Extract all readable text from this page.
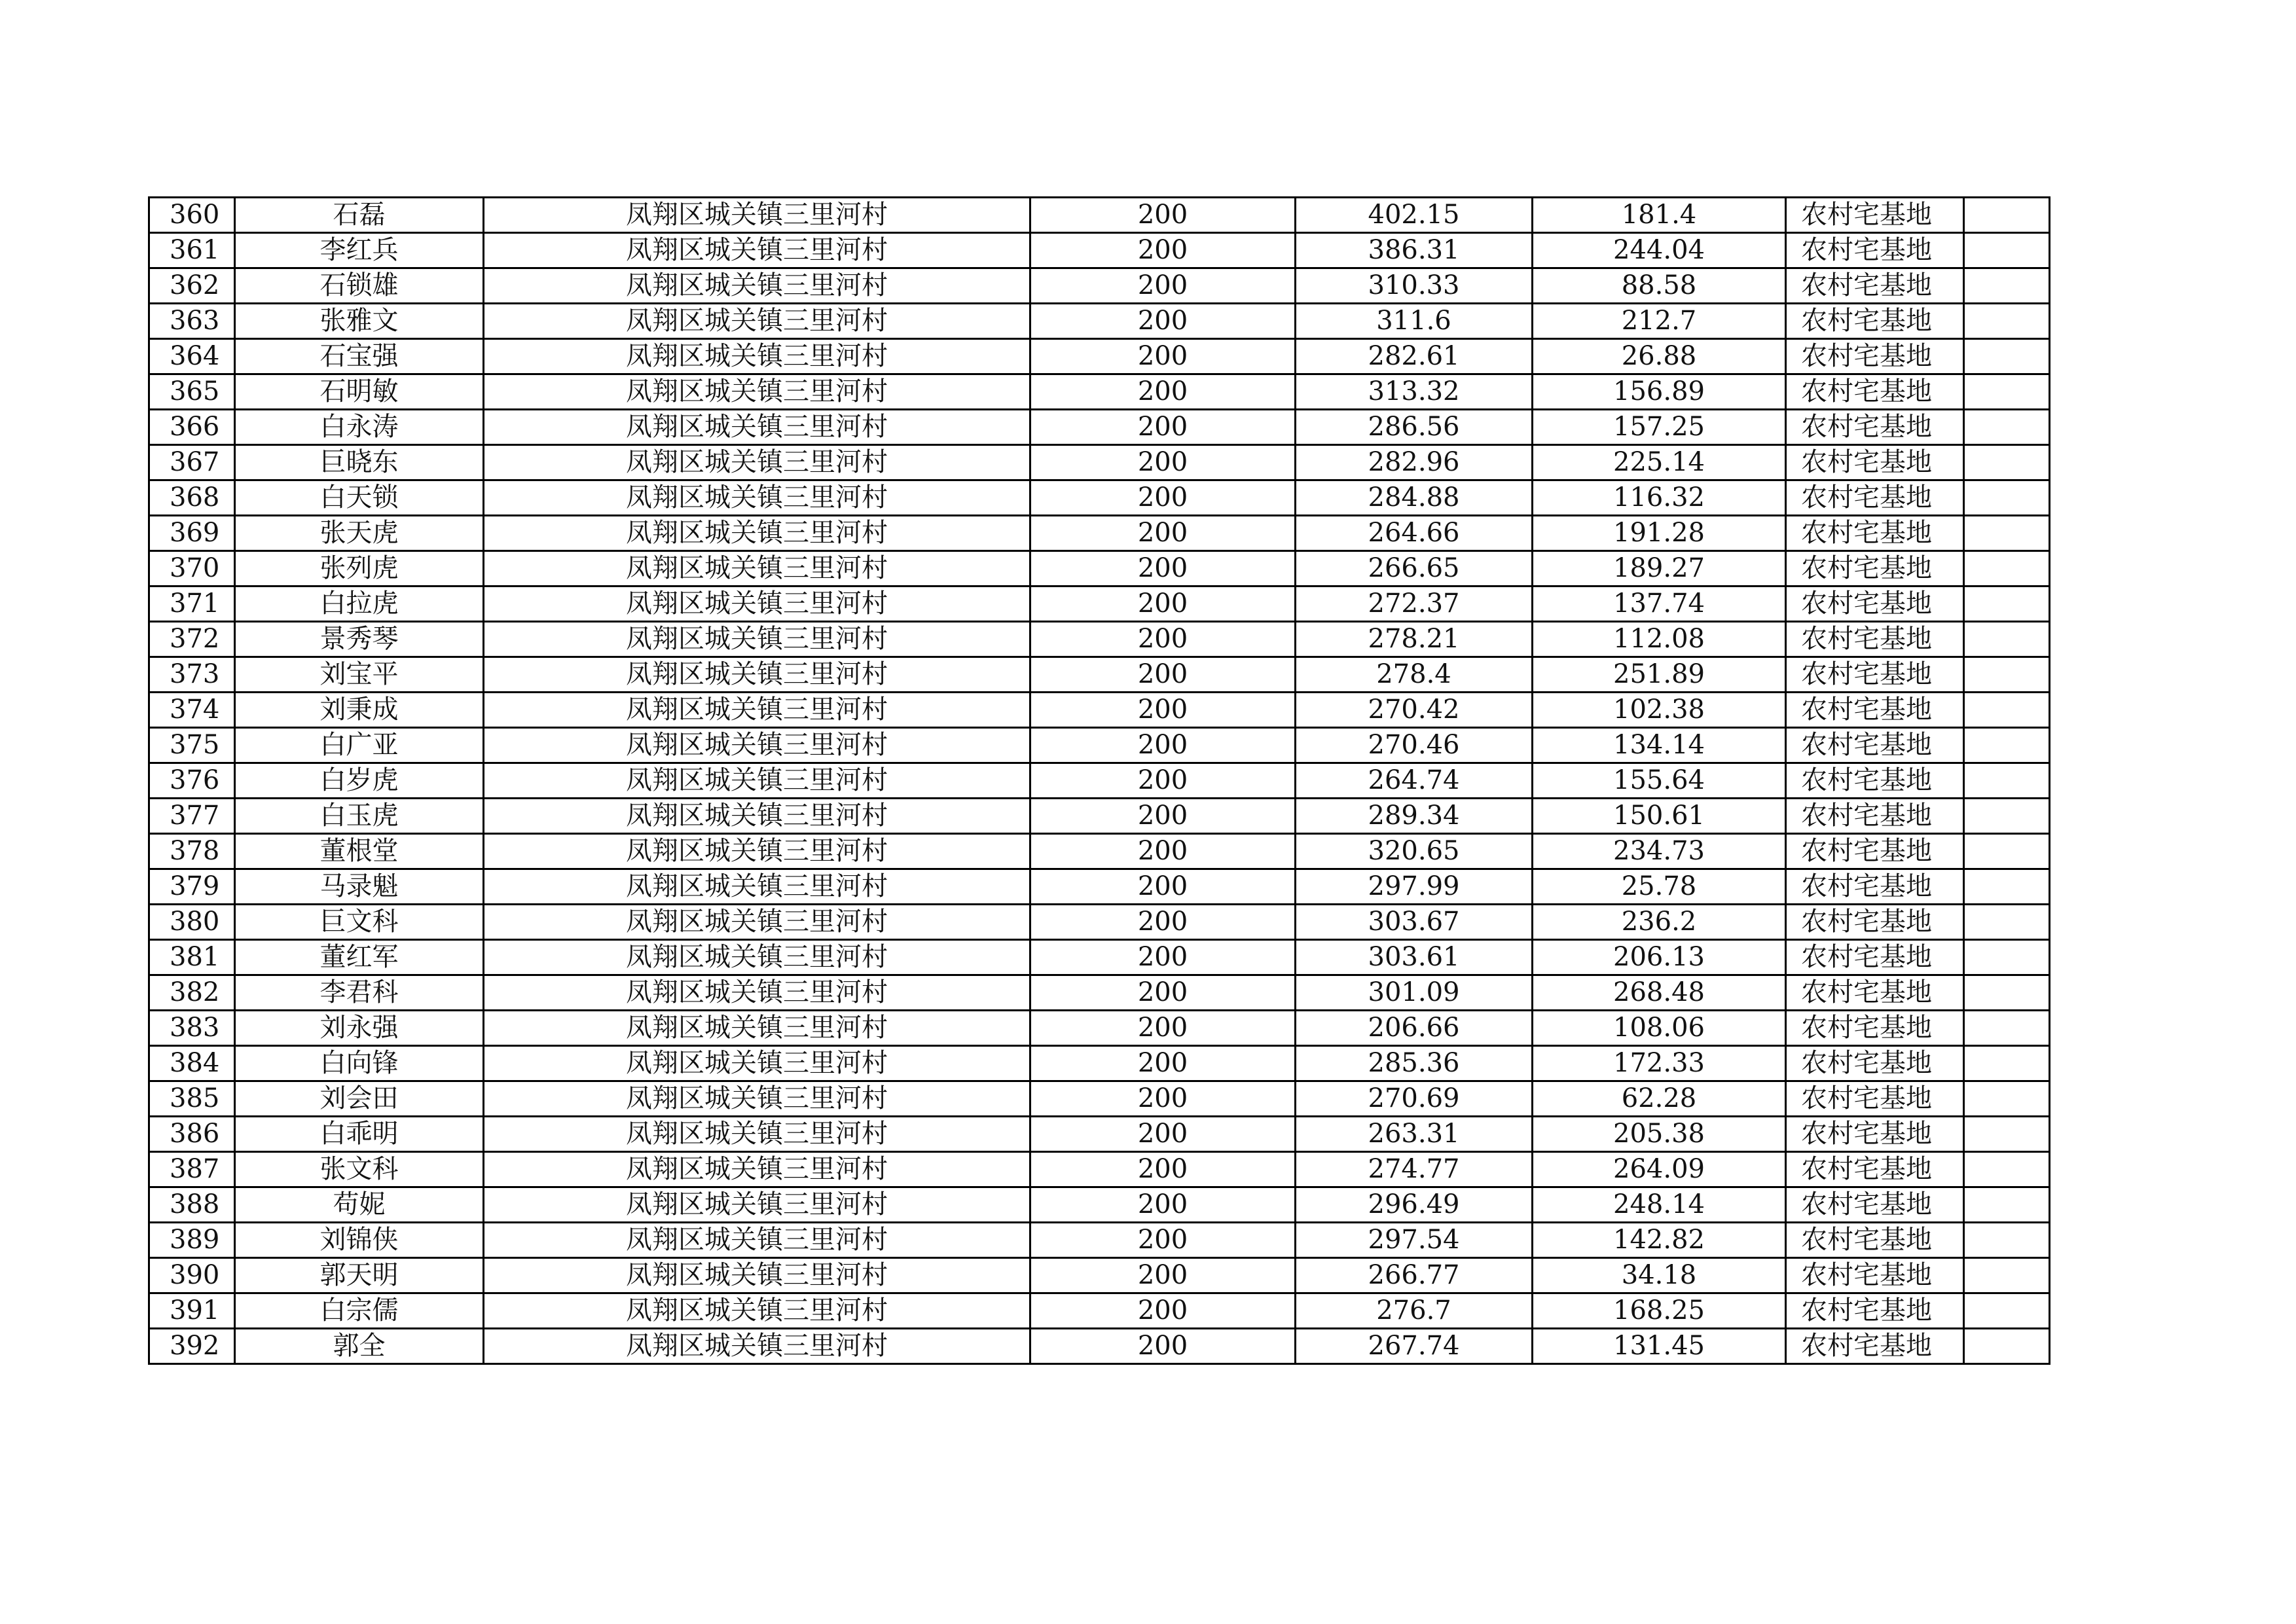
360	石磊	凤翔区城关镇三里河村	200	402.15	181.4	农村宅基地	
361	李红兵	凤翔区城关镇三里河村	200	386.31	244.04	农村宅基地	
362	石锁雄	凤翔区城关镇三里河村	200	310.33	88.58	农村宅基地	
363	张雅文	凤翔区城关镇三里河村	200	311.6	212.7	农村宅基地	
364	石宝强	凤翔区城关镇三里河村	200	282.61	26.88	农村宅基地	
365	石明敏	凤翔区城关镇三里河村	200	313.32	156.89	农村宅基地	
366	白永涛	凤翔区城关镇三里河村	200	286.56	157.25	农村宅基地	
367	巨晓东	凤翔区城关镇三里河村	200	282.96	225.14	农村宅基地	
368	白天锁	凤翔区城关镇三里河村	200	284.88	116.32	农村宅基地	
369	张天虎	凤翔区城关镇三里河村	200	264.66	191.28	农村宅基地	
370	张列虎	凤翔区城关镇三里河村	200	266.65	189.27	农村宅基地	
371	白拉虎	凤翔区城关镇三里河村	200	272.37	137.74	农村宅基地	
372	景秀琴	凤翔区城关镇三里河村	200	278.21	112.08	农村宅基地	
373	刘宝平	凤翔区城关镇三里河村	200	278.4	251.89	农村宅基地	
374	刘秉成	凤翔区城关镇三里河村	200	270.42	102.38	农村宅基地	
375	白广亚	凤翔区城关镇三里河村	200	270.46	134.14	农村宅基地	
376	白岁虎	凤翔区城关镇三里河村	200	264.74	155.64	农村宅基地	
377	白玉虎	凤翔区城关镇三里河村	200	289.34	150.61	农村宅基地	
378	董根堂	凤翔区城关镇三里河村	200	320.65	234.73	农村宅基地	
379	马录魁	凤翔区城关镇三里河村	200	297.99	25.78	农村宅基地	
380	巨文科	凤翔区城关镇三里河村	200	303.67	236.2	农村宅基地	
381	董红军	凤翔区城关镇三里河村	200	303.61	206.13	农村宅基地	
382	李君科	凤翔区城关镇三里河村	200	301.09	268.48	农村宅基地	
383	刘永强	凤翔区城关镇三里河村	200	206.66	108.06	农村宅基地	
384	白向锋	凤翔区城关镇三里河村	200	285.36	172.33	农村宅基地	
385	刘会田	凤翔区城关镇三里河村	200	270.69	62.28	农村宅基地	
386	白乖明	凤翔区城关镇三里河村	200	263.31	205.38	农村宅基地	
387	张文科	凤翔区城关镇三里河村	200	274.77	264.09	农村宅基地	
388	苟妮	凤翔区城关镇三里河村	200	296.49	248.14	农村宅基地	
389	刘锦侠	凤翔区城关镇三里河村	200	297.54	142.82	农村宅基地	
390	郭天明	凤翔区城关镇三里河村	200	266.77	34.18	农村宅基地	
391	白宗儒	凤翔区城关镇三里河村	200	276.7	168.25	农村宅基地	
392	郭全	凤翔区城关镇三里河村	200	267.74	131.45	农村宅基地	
